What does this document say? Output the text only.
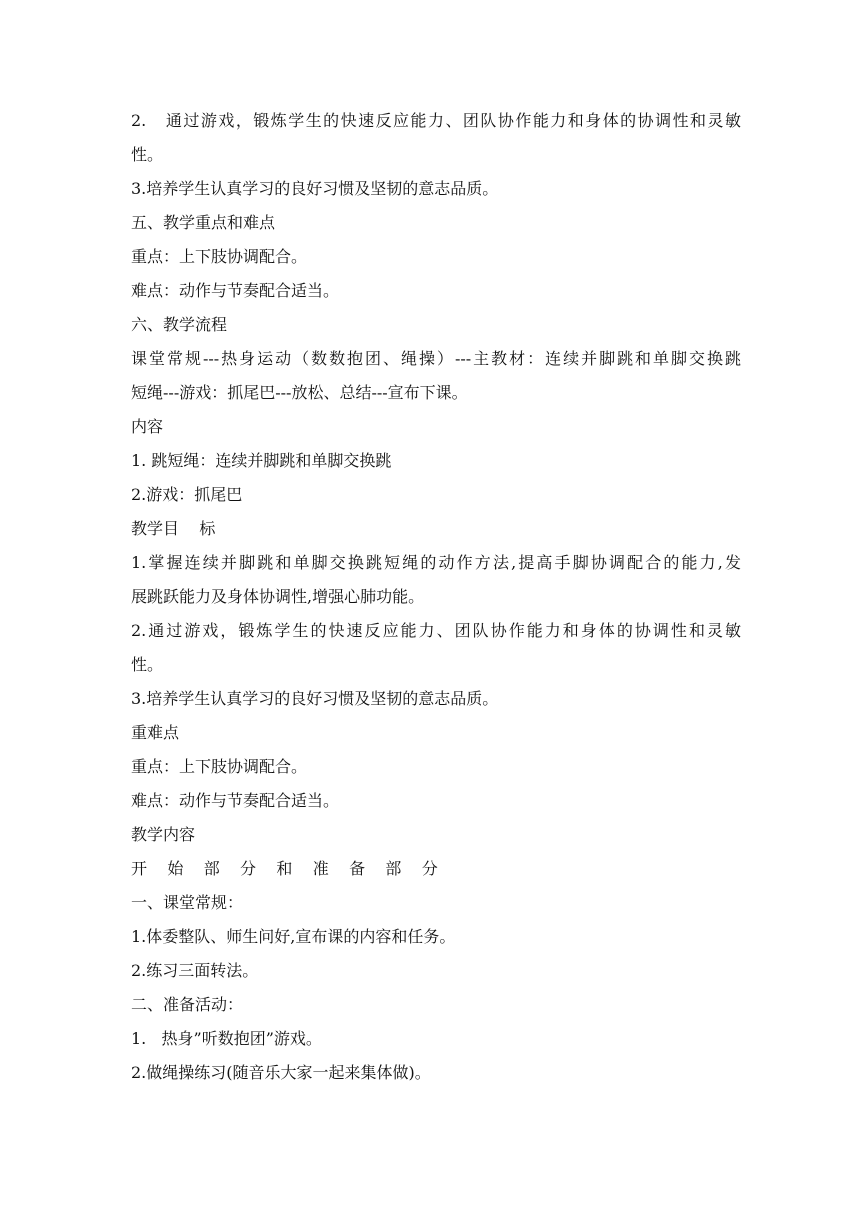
2.   通过游戏，锻炼学生的快速反应能力、团队协作能力和身体的协调性和灵敏
性。
3.培养学生认真学习的良好习惯及坚韧的意志品质。
五、教学重点和难点
重点：上下肢协调配合。
难点：动作与节奏配合适当。
六、教学流程
课堂常规---热身运动（数数抱团、绳操）---主教材：连续并脚跳和单脚交换跳
短绳---游戏：抓尾巴---放松、总结---宣布下课。
内容
1. 跳短绳：连续并脚跳和单脚交换跳
2.游戏：抓尾巴
教学目    标
1.掌握连续并脚跳和单脚交换跳短绳的动作方法,提高手脚协调配合的能力,发
展跳跃能力及身体协调性,增强心肺功能。
2.通过游戏，锻炼学生的快速反应能力、团队协作能力和身体的协调性和灵敏
性。
3.培养学生认真学习的良好习惯及坚韧的意志品质。
重难点
重点：上下肢协调配合。
难点：动作与节奏配合适当。
教学内容
开    始    部    分    和    准    备    部    分
一、课堂常规：
1.体委整队、师生问好,宣布课的内容和任务。
2.练习三面转法。
二、准备活动：
1.   热身”听数抱团”游戏。
2.做绳操练习(随音乐大家一起来集体做)。
